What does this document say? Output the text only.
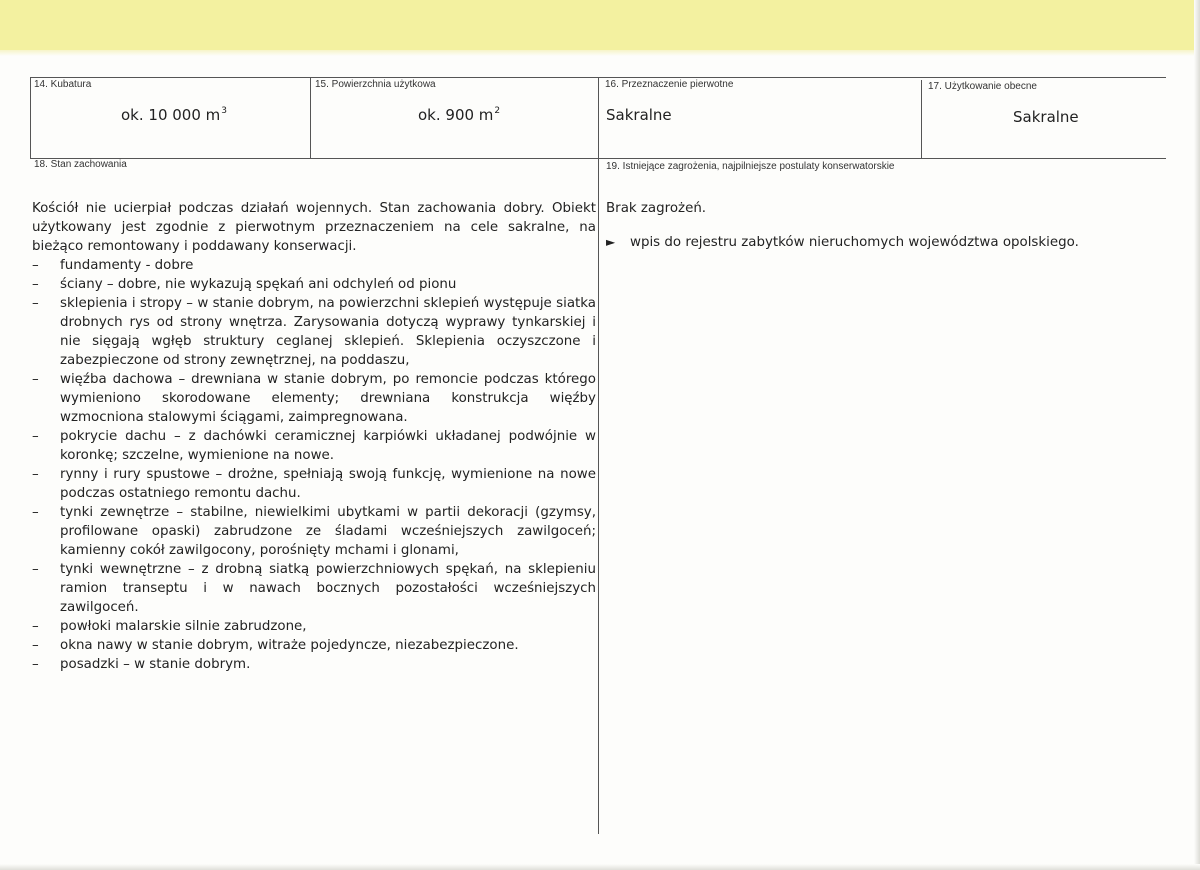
14. Kubatura
ok. 10 000 $m^3$
15. Powierzchnia użytkowa
ok. 900 $m^2$
16. Przeznaczenie pierwotne
Sakralne
17. Użytkowanie obecne
Sakralne
18. Stan zachowania

Kościół nie ucierpiał podczas działań wojennych. Stan zachowania dobry. Obiekt użytkowany jest zgodnie z pierwotnym przeznaczeniem na cele sakralne, na bieżąco remontowany i poddawany konserwacji.

– fundamenty - dobre
– ściany – dobre, nie wykazują spękań ani odchyleń od pionu
– sklepienia i stropy – w stanie dobrym, na powierzchni sklepień występuje siatka drobnych rys od strony wnętrza. Zarysowania dotyczą wyprawy tynkarskiej i nie sięgają wgłęb struktury ceglanej sklepień. Sklepienia oczyszczone i zabezpieczone od strony zewnętrznej, na poddaszu,
– więźba dachowa – drewniana w stanie dobrym, po remoncie podczas którego wymieniono skorodowane elementy; drewniana konstrukcja więźby wzmocniona stalowymi ściągami, zaimpregnowana.
– pokrycie dachu – z dachówki ceramicznej karpiówki układanej podwójnie w koronkę; szczelne, wymienione na nowe.
– rynny i rury spustowe – drożne, spełniają swoją funkcję, wymienione na nowe podczas ostatniego remontu dachu.
– tynki zewnętrze – stabilne, niewielkimi ubytkami w partii dekoracji (gzymsy, profilowane opaski) zabrudzone ze śladami wcześniejszych zawilgoceń; kamienny cokół zawilgocony, porośnięty mchami i glonami,
– tynki wewnętrzne – z drobną siatką powierzchniowych spękań, na sklepieniu ramion transeptu i w nawach bocznych pozostałości wcześniejszych zawilgoceń.
– powłoki malarskie silnie zabrudzone,
– okna nawy w stanie dobrym, witraże pojedyncze, niezabezpieczone.
– posadzki – w stanie dobrym.
19. Istniejące zagrożenia, najpilniejsze postulaty konserwatorskie
Brak zagrożeń.
► wpis do rejestru zabytków nieruchomych województwa opolskiego.
